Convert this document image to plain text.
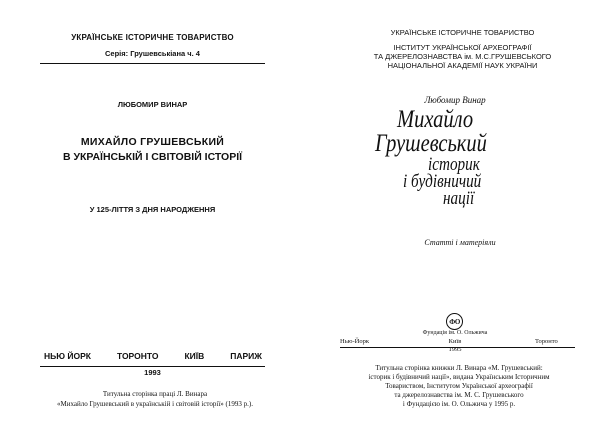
УКРАЇНСЬКЕ ІСТОРИЧНЕ ТОВАРИСТВО
Серія: Грушевськіана ч. 4
ЛЮБОМИР ВИНАР
МИХАЙЛО ГРУШЕВСЬКИЙ
В УКРАЇНСЬКІЙ І СВІТОВІЙ ІСТОРІЇ
У 125-ЛІТТЯ З ДНЯ НАРОДЖЕННЯ
НЬЮ ЙОРК	ТОРОНТО	КИЇВ	ПАРИЖ
1993
Титульна сторінка праці Л. Винара
«Михайло Грушевський в українській і світовій історії» (1993 р.).
УКРАЇНСЬКЕ ІСТОРИЧНЕ ТОВАРИСТВО
ІНСТИТУТ УКРАЇНСЬКОЇ АРХЕОГРАФІЇ
ТА ДЖЕРЕЛОЗНАВСТВА ім. М.С.ГРУШЕВСЬКОГО
НАЦІОНАЛЬНОЇ АКАДЕМІЇ НАУК УКРАЇНИ
Любомир Винар
Михайло
Грушевський
історик
і будівничий
нації
Статті і матеріяли
ФО
Фундація ім. О. Ольжича
Нью-Йорк	Київ	Торонто
1995
Титульна сторінка книжки Л. Винара «М. Грушевський:
історик і будівничий нації», видана Українським Історичним
Товариством, Інститутом Української археографії
та джерелознавства ім. М. С. Грушевського
і Фундацією ім. О. Ольжича у 1995 р.
